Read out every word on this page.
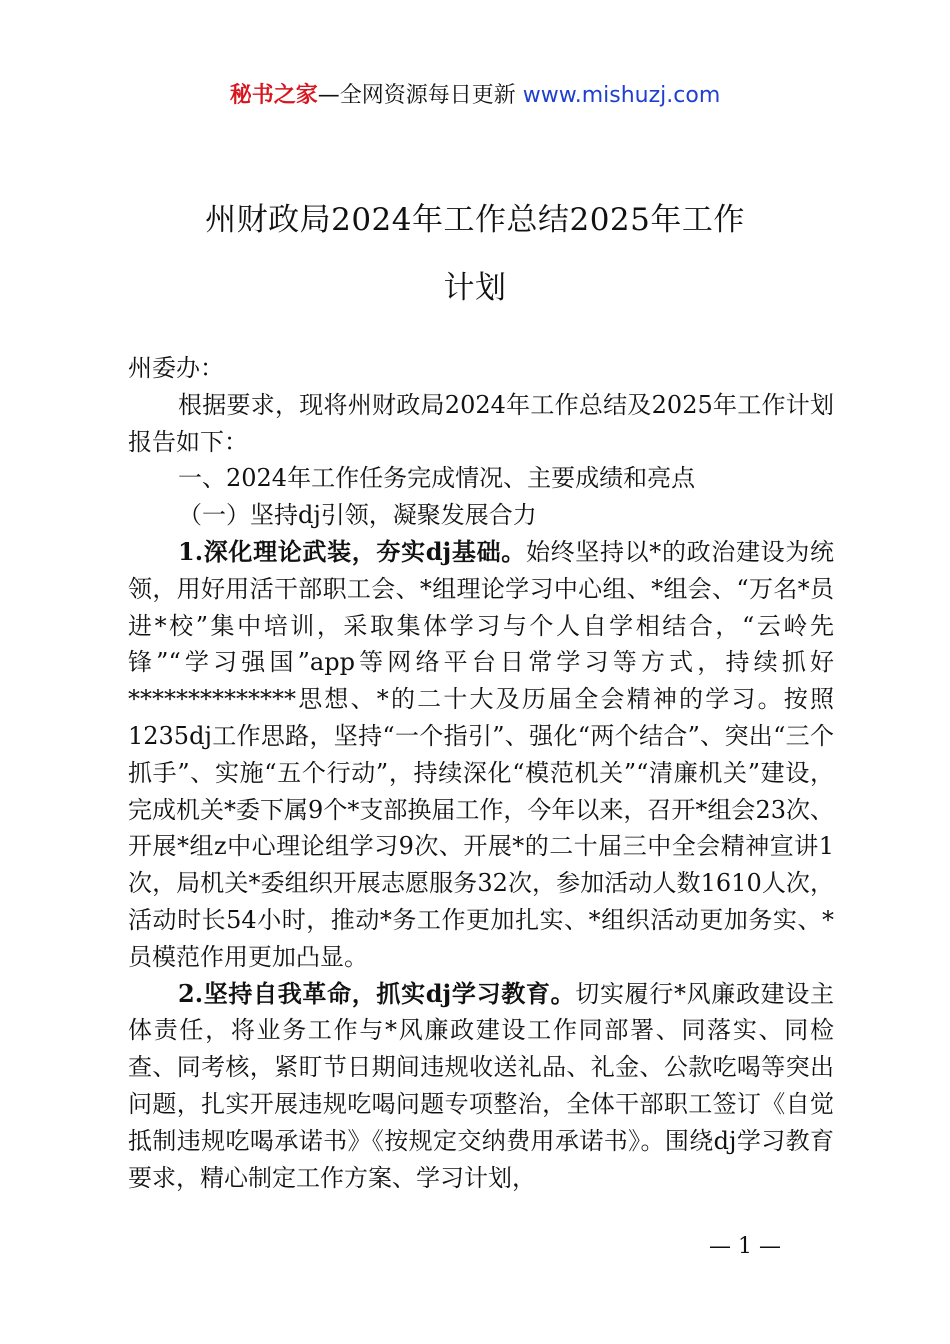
秘书之家—全网资源每日更新 www.mishuzj.com
州财政局2024年工作总结2025年工作
计划

州委办：

根据要求，现将州财政局2024年工作总结及2025年工作计划报告如下：

一、2024年工作任务完成情况、主要成绩和亮点

（一）坚持dj引领，凝聚发展合力

1.深化理论武装，夯实dj基础。始终坚持以*的政治建设为统领，用好用活干部职工会、*组理论学习中心组、*组会、“万名*员进*校”集中培训，采取集体学习与个人自学相结合，“云岭先锋”“学习强国”app等网络平台日常学习等方式，持续抓好**************思想、*的二十大及历届全会精神的学习。按照1235dj工作思路，坚持“一个指引”、强化“两个结合”、突出“三个抓手”、实施“五个行动”，持续深化“模范机关”“清廉机关”建设，完成机关*委下属9个*支部换届工作，今年以来，召开*组会23次、开展*组z中心理论组学习9次、开展*的二十届三中全会精神宣讲1次，局机关*委组织开展志愿服务32次，参加活动人数1610人次，活动时长54小时，推动*务工作更加扎实、*组织活动更加务实、*员模范作用更加凸显。

2.坚持自我革命，抓实dj学习教育。切实履行*风廉政建设主体责任，将业务工作与*风廉政建设工作同部署、同落实、同检查、同考核，紧盯节日期间违规收送礼品、礼金、公款吃喝等突出问题，扎实开展违规吃喝问题专项整治，全体干部职工签订《自觉抵制违规吃喝承诺书》《按规定交纳费用承诺书》。围绕dj学习教育要求，精心制定工作方案、学习计划，

— 1 —
